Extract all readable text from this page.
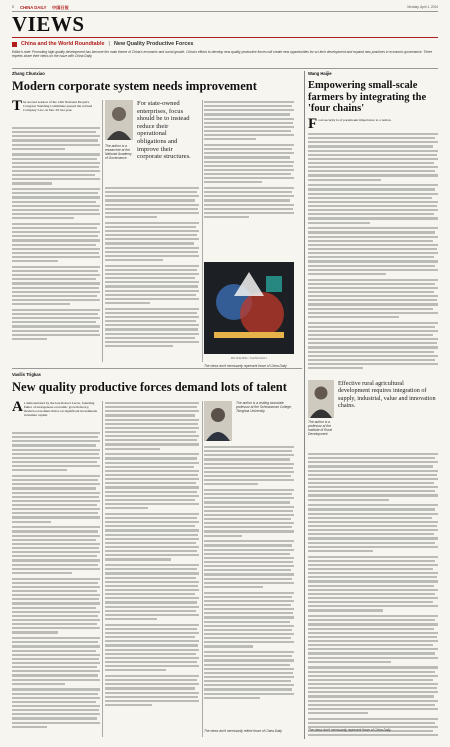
8 CHINA DAILY 中国日报	Monday, April 1, 2024
VIEWS
China and the World Roundtable | New Quality Productive Forces
Editor's note: Promoting high-quality development has become the main theme of China's economic and social growth. China's efforts to develop new quality productive forces will create new opportunities for sci-tech development and expand new practices in economic governance. Three experts share their views on the issue with China Daily.
Zhang Chunxiao
Modern corporate system needs improvement
The second session of the 14th National People's Congress Standing Committee passed the revised Company Law on Dec 29 last year.
For state-owned enterprises, focus should be to instead reduce their operational obligations and improve their corporate structures.
The author is a researcher at the National Academy of Governance.
MA XUEJING / CHINA DAILY
The views don't necessarily represent those of China Daily.
Vasilis Trigkas
New quality productive forces demand lots of talent
As demonstrated by the late Robert Lucas, founding father of endogenous economic growth theory, modern economies thrive on significant investments in human capital.
The author is a visiting associate professor at the Schwarzman College, Tsinghua University.
The views don't necessarily reflect those of China Daily.
Wang Haijie
Empowering small-scale farmers by integrating the 'four chains'
Food security is of paramount importance to a nation.
The author is a professor at the Institute of Rural Development.
Effective rural agricultural development requires integration of supply, industrial, value and innovation chains.
The views don't necessarily represent those of China Daily.
